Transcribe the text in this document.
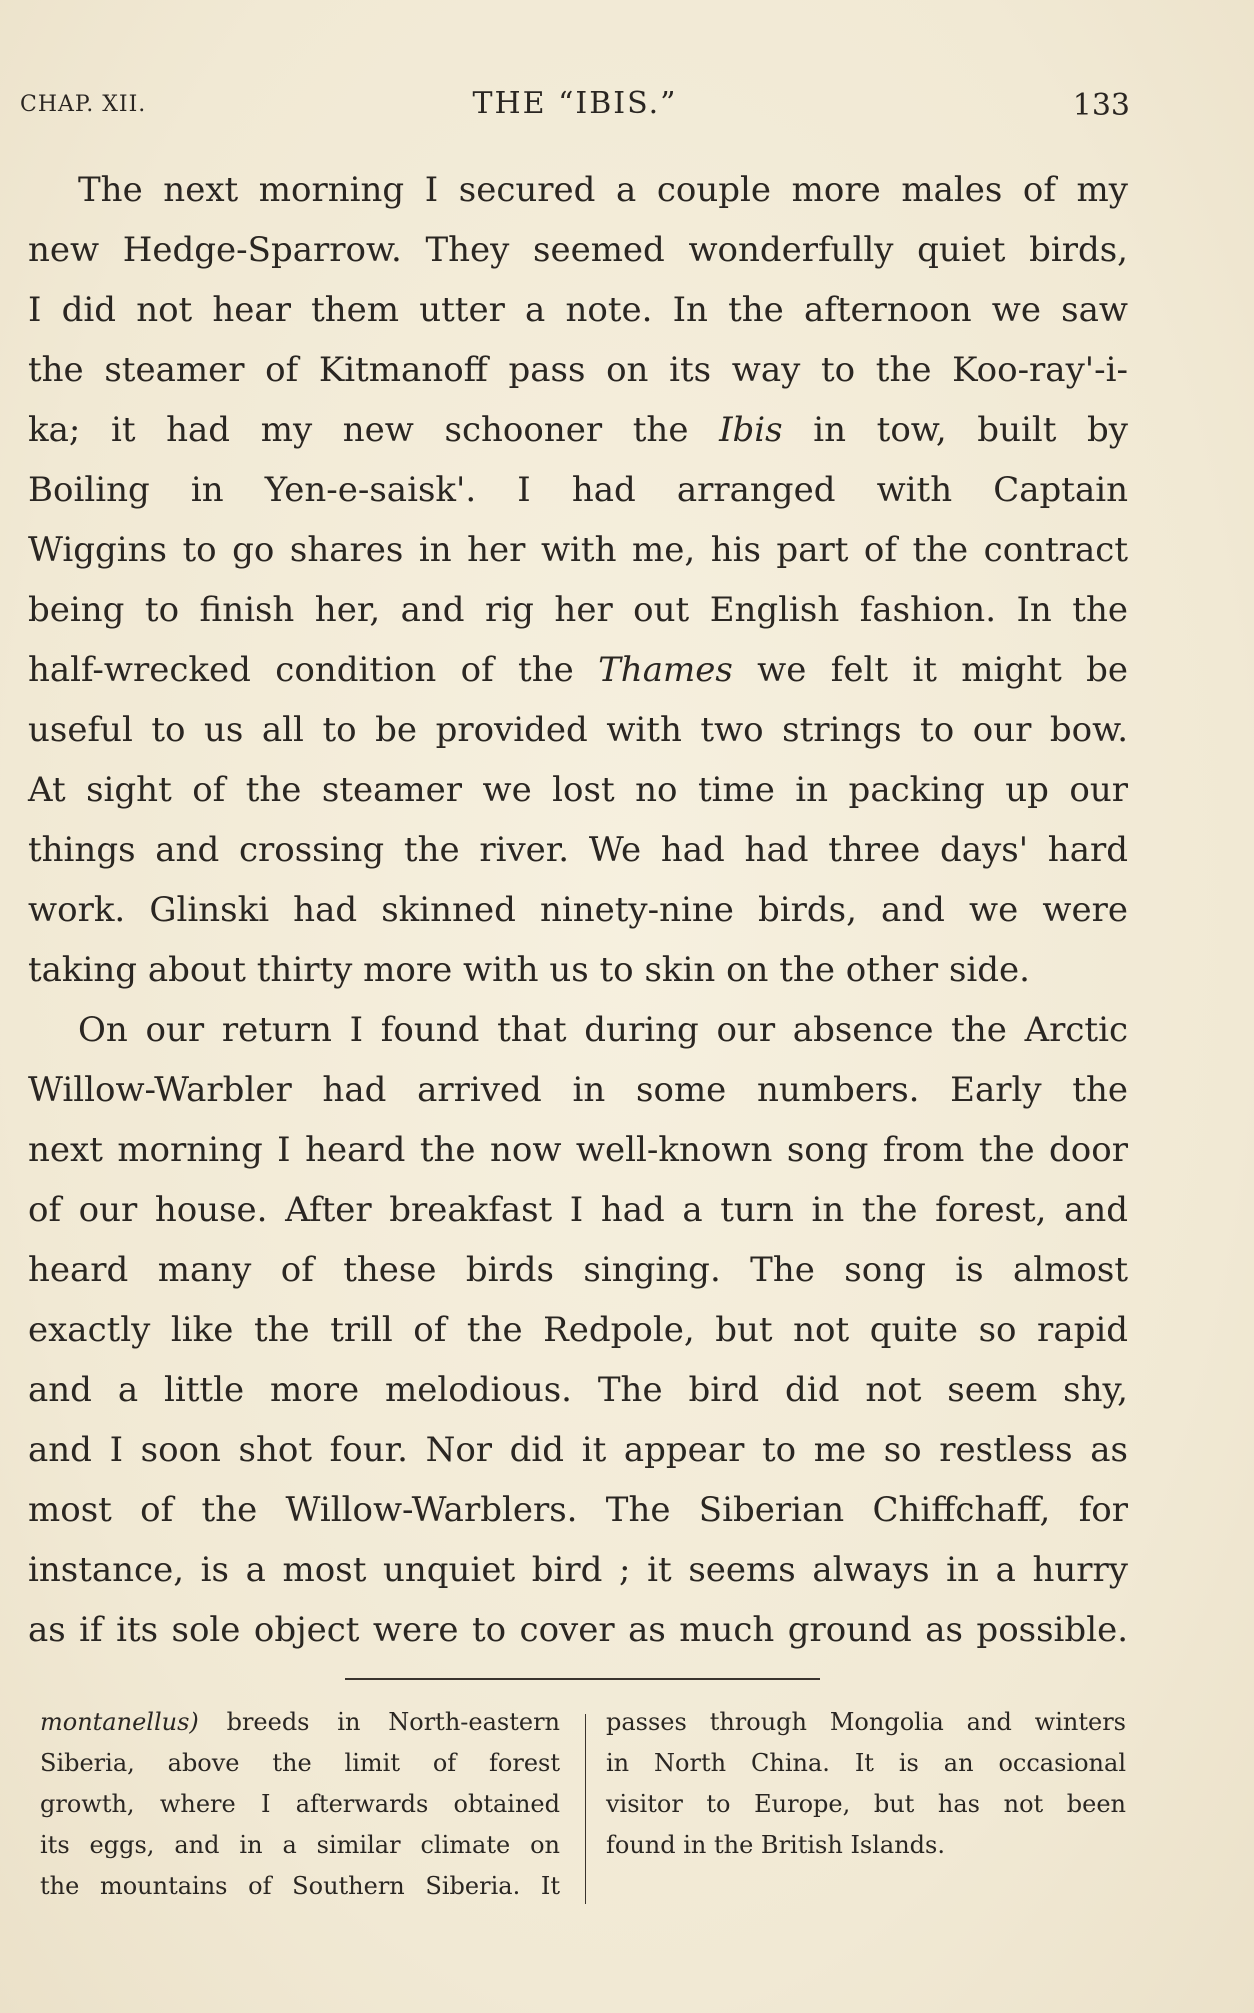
CHAP. XII.	THE “IBIS.”	133
The next morning I secured a couple more males of my
new Hedge-Sparrow. They seemed wonderfully quiet birds,
I did not hear them utter a note. In the afternoon we saw
the steamer of Kitmanoff pass on its way to the Koo-ray'-i-
ka; it had my new schooner the Ibis in tow, built by
Boiling in Yen-e-saisk'. I had arranged with Captain
Wiggins to go shares in her with me, his part of the contract
being to finish her, and rig her out English fashion. In the
half-wrecked condition of the Thames we felt it might be
useful to us all to be provided with two strings to our bow.
At sight of the steamer we lost no time in packing up our
things and crossing the river. We had had three days' hard
work. Glinski had skinned ninety-nine birds, and we were
taking about thirty more with us to skin on the other side.
On our return I found that during our absence the Arctic
Willow-Warbler had arrived in some numbers. Early the
next morning I heard the now well-known song from the door
of our house. After breakfast I had a turn in the forest, and
heard many of these birds singing. The song is almost
exactly like the trill of the Redpole, but not quite so rapid
and a little more melodious. The bird did not seem shy,
and I soon shot four. Nor did it appear to me so restless as
most of the Willow-Warblers. The Siberian Chiffchaff, for
instance, is a most unquiet bird ; it seems always in a hurry
as if its sole object were to cover as much ground as possible.
montanellus) breeds in North-eastern
Siberia, above the limit of forest
growth, where I afterwards obtained
its eggs, and in a similar climate on
the mountains of Southern Siberia. It
passes through Mongolia and winters
in North China. It is an occasional
visitor to Europe, but has not been
found in the British Islands.
